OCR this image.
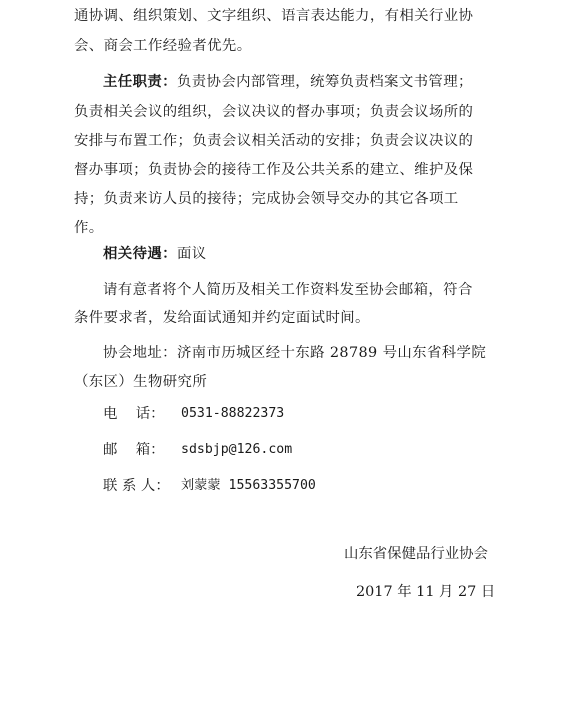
通协调、组织策划、文字组织、语言表达能力，有相关行业协
会、商会工作经验者优先。
主任职责：负责协会内部管理，统筹负责档案文书管理；
负责相关会议的组织，会议决议的督办事项；负责会议场所的
安排与布置工作；负责会议相关活动的安排；负责会议决议的
督办事项；负责协会的接待工作及公共关系的建立、维护及保
持；负责来访人员的接待；完成协会领导交办的其它各项工
作。
相关待遇：面议
请有意者将个人简历及相关工作资料发至协会邮箱，符合
条件要求者，发给面试通知并约定面试时间。
协会地址：济南市历城区经十东路 28789 号山东省科学院
（东区）生物研究所
电    话： 0531-88822373
邮    箱： sdsbjp@126.com
联 系 人： 刘蒙蒙 15563355700
山东省保健品行业协会
2017 年 11 月 27 日
